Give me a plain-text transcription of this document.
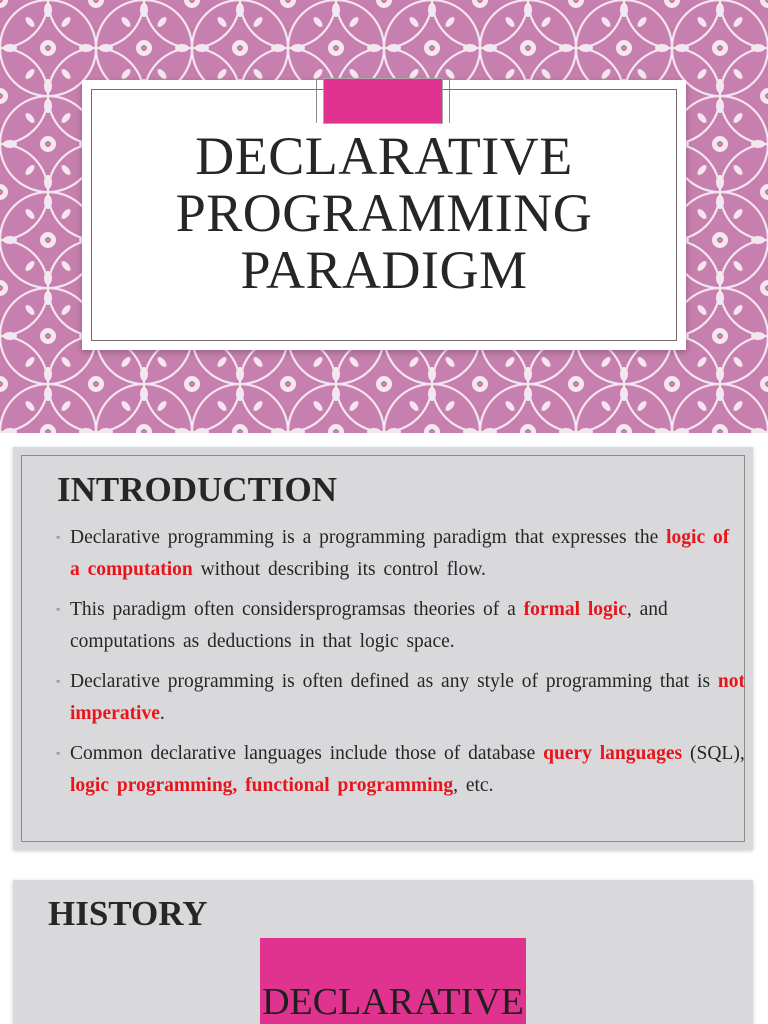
DECLARATIVE
PROGRAMMING
PARADIGM
INTRODUCTION
◦ Declarative programming is a programming paradigm that expresses the logic of a computation without describing its control flow.
◦ This paradigm often considersprogramsas theories of a formal logic, and computations as deductions in that logic space.
◦ Declarative programming is often defined as any style of programming that is not imperative.
◦ Common declarative languages include those of database query languages (SQL), logic programming, functional programming, etc.
HISTORY
DECLARATIVE
